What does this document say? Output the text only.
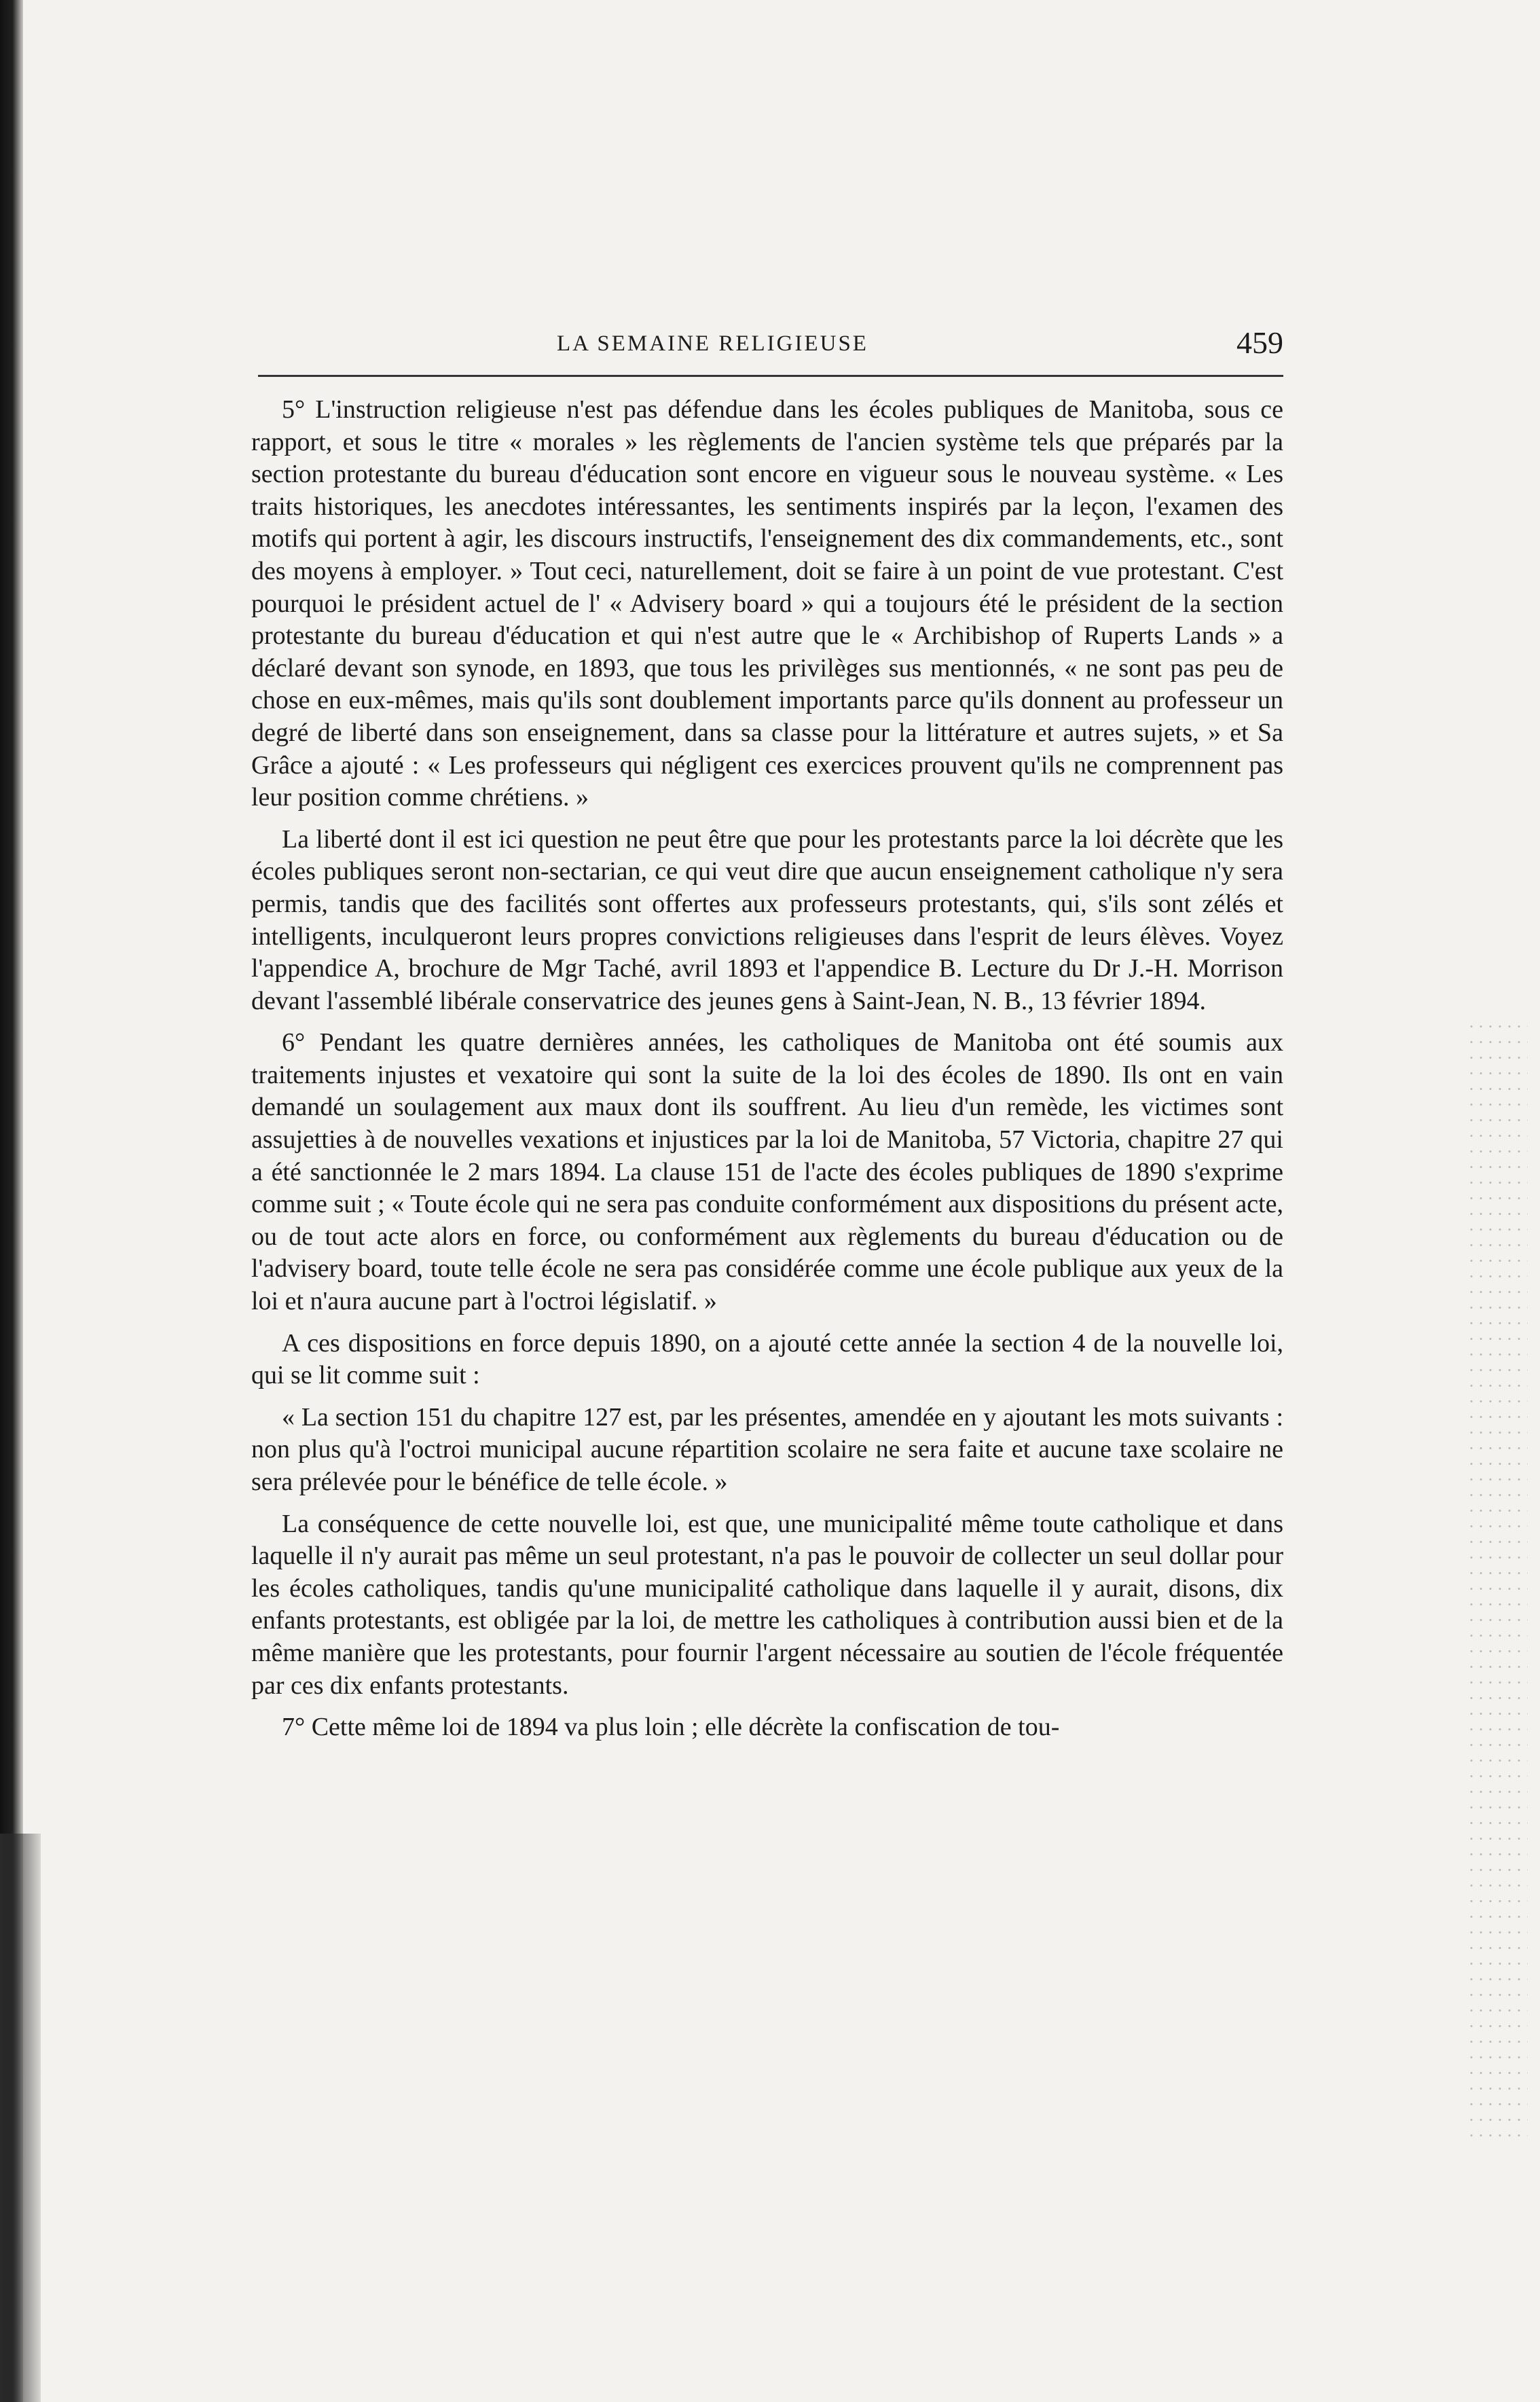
LA SEMAINE RELIGIEUSE	459

5° L'instruction religieuse n'est pas défendue dans les écoles publiques de Manitoba, sous ce rapport, et sous le titre « morales » les règlements de l'ancien système tels que préparés par la section protestante du bureau d'éducation sont encore en vigueur sous le nouveau système. « Les traits historiques, les anecdotes intéressantes, les sentiments inspirés par la leçon, l'examen des motifs qui portent à agir, les discours instructifs, l'enseignement des dix commandements, etc., sont des moyens à employer. » Tout ceci, naturellement, doit se faire à un point de vue protestant. C'est pourquoi le président actuel de l' « Advisery board » qui a toujours été le président de la section protestante du bureau d'éducation et qui n'est autre que le « Archibishop of Ruperts Lands » a déclaré devant son synode, en 1893, que tous les privilèges sus mentionnés, « ne sont pas peu de chose en eux-mêmes, mais qu'ils sont doublement importants parce qu'ils donnent au professeur un degré de liberté dans son enseignement, dans sa classe pour la littérature et autres sujets, » et Sa Grâce a ajouté : « Les professeurs qui négligent ces exercices prouvent qu'ils ne comprennent pas leur position comme chrétiens. »

La liberté dont il est ici question ne peut être que pour les protestants parce la loi décrète que les écoles publiques seront non-sectarian, ce qui veut dire que aucun enseignement catholique n'y sera permis, tandis que des facilités sont offertes aux professeurs protestants, qui, s'ils sont zélés et intelligents, inculqueront leurs propres convictions religieuses dans l'esprit de leurs élèves. Voyez l'appendice A, brochure de Mgr Taché, avril 1893 et l'appendice B. Lecture du Dr J.-H. Morrison devant l'assemblé libérale conservatrice des jeunes gens à Saint-Jean, N. B., 13 février 1894.

6° Pendant les quatre dernières années, les catholiques de Manitoba ont été soumis aux traitements injustes et vexatoire qui sont la suite de la loi des écoles de 1890. Ils ont en vain demandé un soulagement aux maux dont ils souffrent. Au lieu d'un remède, les victimes sont assujetties à de nouvelles vexations et injustices par la loi de Manitoba, 57 Victoria, chapitre 27 qui a été sanctionnée le 2 mars 1894. La clause 151 de l'acte des écoles publiques de 1890 s'exprime comme suit ; « Toute école qui ne sera pas conduite conformément aux dispositions du présent acte, ou de tout acte alors en force, ou conformément aux règlements du bureau d'éducation ou de l'advisery board, toute telle école ne sera pas considérée comme une école publique aux yeux de la loi et n'aura aucune part à l'octroi législatif. »

A ces dispositions en force depuis 1890, on a ajouté cette année la section 4 de la nouvelle loi, qui se lit comme suit :

« La section 151 du chapitre 127 est, par les présentes, amendée en y ajoutant les mots suivants : non plus qu'à l'octroi municipal aucune répartition scolaire ne sera faite et aucune taxe scolaire ne sera prélevée pour le bénéfice de telle école. »

La conséquence de cette nouvelle loi, est que, une municipalité même toute catholique et dans laquelle il n'y aurait pas même un seul protestant, n'a pas le pouvoir de collecter un seul dollar pour les écoles catholiques, tandis qu'une municipalité catholique dans laquelle il y aurait, disons, dix enfants protestants, est obligée par la loi, de mettre les catholiques à contribution aussi bien et de la même manière que les protestants, pour fournir l'argent nécessaire au soutien de l'école fréquentée par ces dix enfants protestants.

7° Cette même loi de 1894 va plus loin ; elle décrète la confiscation de tou-
